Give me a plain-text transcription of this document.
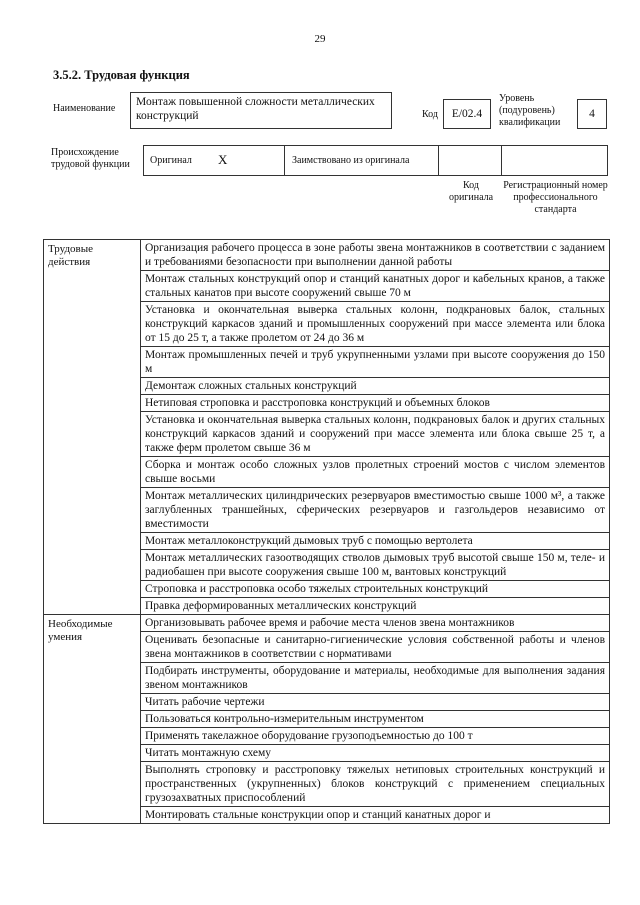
29
3.5.2. Трудовая функция
Наименование
Монтаж повышенной сложности металлических конструкций	Код	E/02.4
Уровень (подуровень) квалификации
4
Происхождение трудовой функции	Оригинал X	Заимствовано из оригинала
Код оригинала
Регистрационный номер профессионального стандарта
Трудовые действия	Организация рабочего процесса в зоне работы звена монтажников в соответствии с заданием и требованиями безопасности при выполнении данной работы
	Монтаж стальных конструкций опор и станций канатных дорог и кабельных кранов, а также стальных канатов при высоте сооружений свыше 70 м
	Установка и окончательная выверка стальных колонн, подкрановых балок, стальных конструкций каркасов зданий и промышленных сооружений при массе элемента или блока от 15 до 25 т, а также пролетом от 24 до 36 м
	Монтаж промышленных печей и труб укрупненными узлами при высоте сооружения до 150 м
	Демонтаж сложных стальных конструкций
	Нетиповая строповка и расстроповка конструкций и объемных блоков
	Установка и окончательная выверка стальных колонн, подкрановых балок и других стальных конструкций каркасов зданий и сооружений при массе элемента или блока свыше 25 т, а также ферм пролетом свыше 36 м
	Сборка и монтаж особо сложных узлов пролетных строений мостов с числом элементов свыше восьми
	Монтаж металлических цилиндрических резервуаров вместимостью свыше 1000 м³, а также заглубленных траншейных, сферических резервуаров и газгольдеров независимо от вместимости
	Монтаж металлоконструкций дымовых труб с помощью вертолета
	Монтаж металлических газоотводящих стволов дымовых труб высотой свыше 150 м, теле- и радиобашен при высоте сооружения свыше 100 м, вантовых конструкций
	Строповка и расстроповка особо тяжелых строительных конструкций
	Правка деформированных металлических конструкций
Необходимые умения	Организовывать рабочее время и рабочие места членов звена монтажников
	Оценивать безопасные и санитарно-гигиенические условия собственной работы и членов звена монтажников в соответствии с нормативами
	Подбирать инструменты, оборудование и материалы, необходимые для выполнения задания звеном монтажников
	Читать рабочие чертежи
	Пользоваться контрольно-измерительным инструментом
	Применять такелажное оборудование грузоподъемностью до 100 т
	Читать монтажную схему
	Выполнять строповку и расстроповку тяжелых нетиповых строительных конструкций и пространственных (укрупненных) блоков конструкций с применением специальных грузозахватных приспособлений
	Монтировать стальные конструкции опор и станций канатных дорог и
